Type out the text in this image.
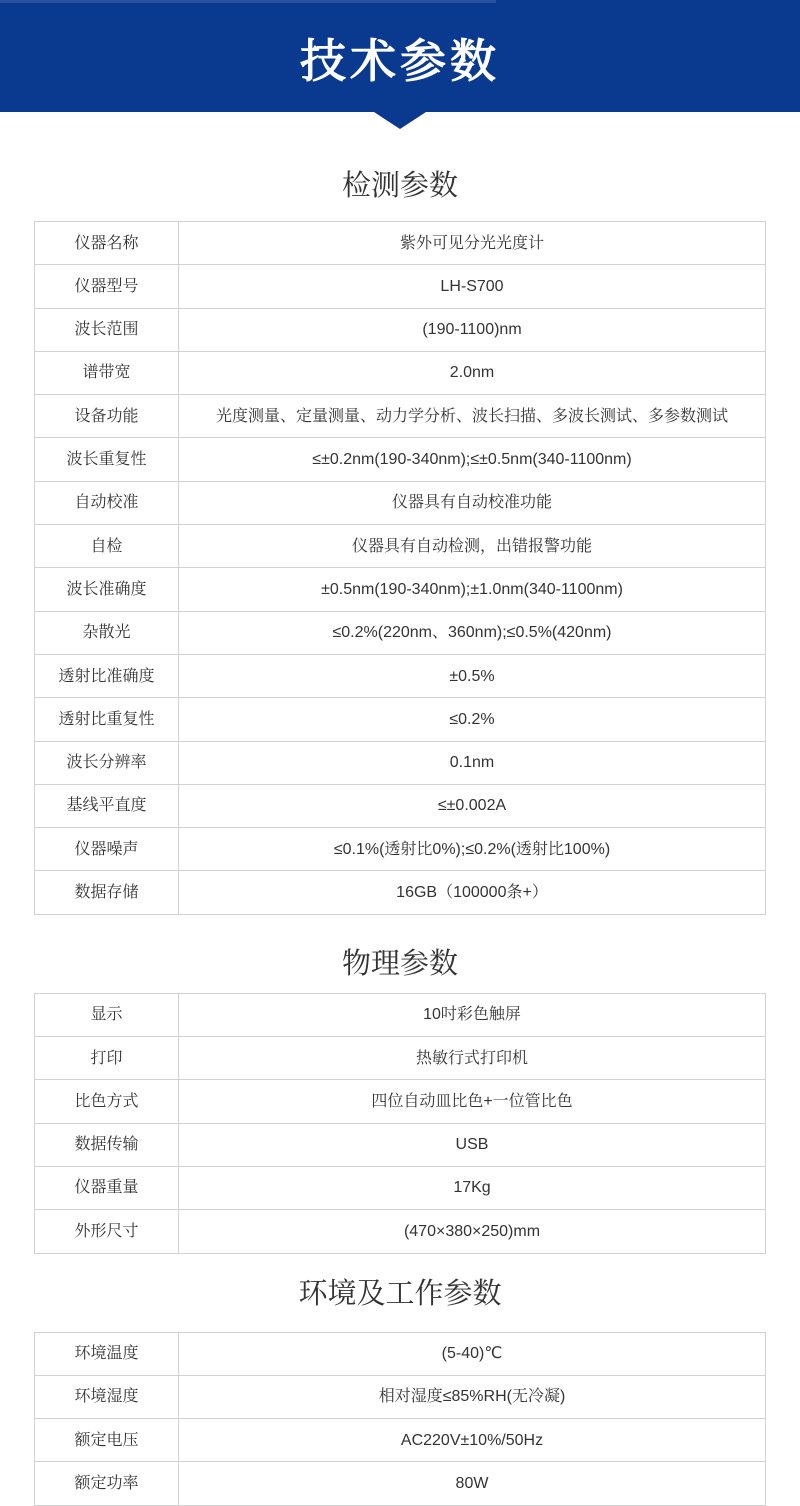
技术参数
检测参数
仪器名称	紫外可见分光光度计
仪器型号	LH-S700
波长范围	(190-1100)nm
谱带宽	2.0nm
设备功能	光度测量、定量测量、动力学分析、波长扫描、多波长测试、多参数测试
波长重复性	≤±0.2nm(190-340nm);≤±0.5nm(340-1100nm)
自动校准	仪器具有自动校准功能
自检	仪器具有自动检测，出错报警功能
波长准确度	±0.5nm(190-340nm);±1.0nm(340-1100nm)
杂散光	≤0.2%(220nm、360nm);≤0.5%(420nm)
透射比准确度	±0.5%
透射比重复性	≤0.2%
波长分辨率	0.1nm
基线平直度	≤±0.002A
仪器噪声	≤0.1%(透射比0%);≤0.2%(透射比100%)
数据存储	16GB（100000条+）
物理参数
显示	10吋彩色触屏
打印	热敏行式打印机
比色方式	四位自动皿比色+一位管比色
数据传输	USB
仪器重量	17Kg
外形尺寸	(470×380×250)mm
环境及工作参数
环境温度	(5-40)℃
环境湿度	相对湿度≤85%RH(无冷凝)
额定电压	AC220V±10%/50Hz
额定功率	80W
